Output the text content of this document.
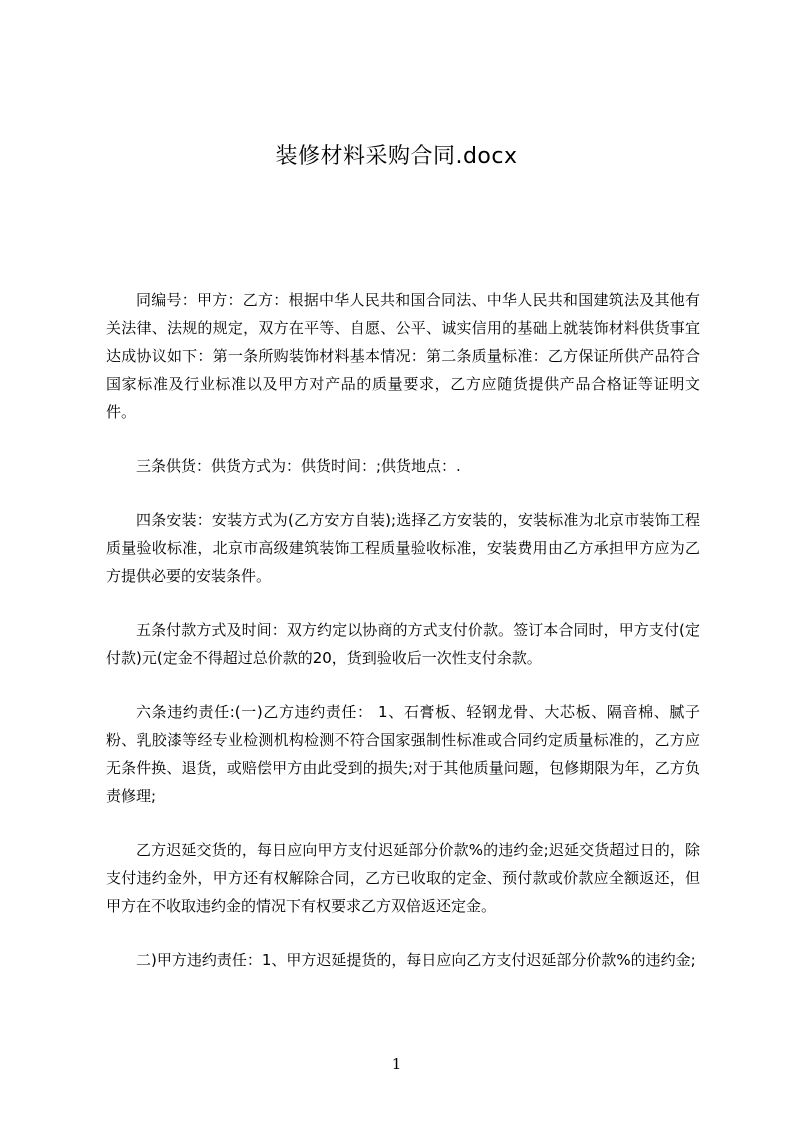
装修材料采购合同.docx

同编号：甲方：乙方：根据中华人民共和国合同法、中华人民共和国建筑法及其他有关法律、法规的规定，双方在平等、自愿、公平、诚实信用的基础上就装饰材料供货事宜达成协议如下：第一条所购装饰材料基本情况：第二条质量标准：乙方保证所供产品符合国家标准及行业标准以及甲方对产品的质量要求，乙方应随货提供产品合格证等证明文件。

三条供货：供货方式为：供货时间：;供货地点：.

四条安装：安装方式为(乙方安方自装);选择乙方安装的，安装标准为北京市装饰工程质量验收标准，北京市高级建筑装饰工程质量验收标准，安装费用由乙方承担甲方应为乙方提供必要的安装条件。

五条付款方式及时间：双方约定以协商的方式支付价款。签订本合同时，甲方支付(定付款)元(定金不得超过总价款的20，货到验收后一次性支付余款。

六条违约责任:(一)乙方违约责任： 1、石膏板、轻钢龙骨、大芯板、隔音棉、腻子粉、乳胶漆等经专业检测机构检测不符合国家强制性标准或合同约定质量标准的，乙方应无条件换、退货，或赔偿甲方由此受到的损失;对于其他质量问题，包修期限为年，乙方负责修理;

乙方迟延交货的，每日应向甲方支付迟延部分价款%的违约金;迟延交货超过日的，除支付违约金外，甲方还有权解除合同，乙方已收取的定金、预付款或价款应全额返还，但甲方在不收取违约金的情况下有权要求乙方双倍返还定金。

二)甲方违约责任：1、甲方迟延提货的，每日应向乙方支付迟延部分价款%的违约金;

1
